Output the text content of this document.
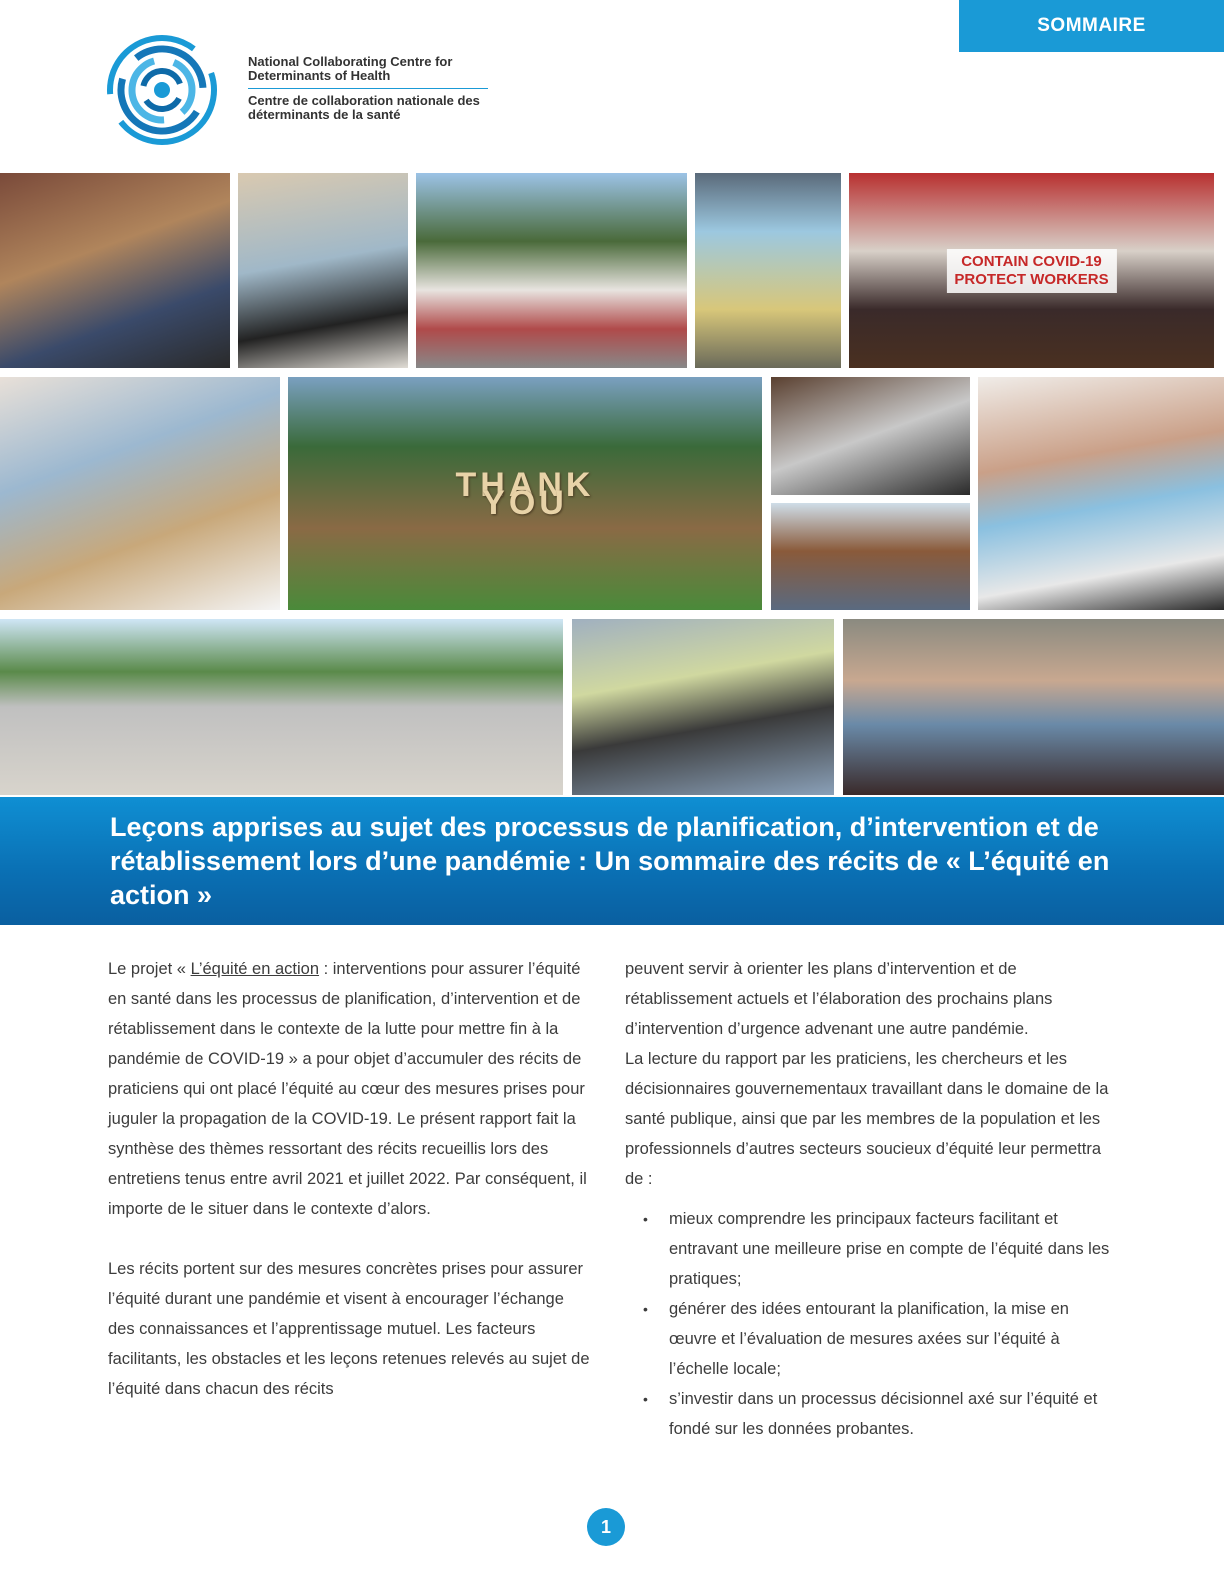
SOMMAIRE
National Collaborating Centre for Determinants of Health
Centre de collaboration nationale des déterminants de la santé
CONTAIN COVID-19
PROTECT WORKERS
THANK YOU
Leçons apprises au sujet des processus de planification, d’intervention et de rétablissement lors d’une pandémie : Un sommaire des récits de « L’équité en action »

Le projet « L’équité en action : interventions pour assurer l’équité en santé dans les processus de planification, d’intervention et de rétablissement dans le contexte de la lutte pour mettre fin à la pandémie de COVID-19 » a pour objet d’accumuler des récits de praticiens qui ont placé l’équité au cœur des mesures prises pour juguler la propagation de la COVID-19. Le présent rapport fait la synthèse des thèmes ressortant des récits recueillis lors des entretiens tenus entre avril 2021 et juillet 2022. Par conséquent, il importe de le situer dans le contexte d’alors.

Les récits portent sur des mesures concrètes prises pour assurer l’équité durant une pandémie et visent à encourager l’échange des connaissances et l’apprentissage mutuel. Les facteurs facilitants, les obstacles et les leçons retenues relevés au sujet de l’équité dans chacun des récits

peuvent servir à orienter les plans d’intervention et de rétablissement actuels et l’élaboration des prochains plans d’intervention d’urgence advenant une autre pandémie.

La lecture du rapport par les praticiens, les chercheurs et les décisionnaires gouvernementaux travaillant dans le domaine de la santé publique, ainsi que par les membres de la population et les professionnels d’autres secteurs soucieux d’équité leur permettra de :

• mieux comprendre les principaux facteurs facilitant et entravant une meilleure prise en compte de l’équité dans les pratiques;
• générer des idées entourant la planification, la mise en œuvre et l’évaluation de mesures axées sur l’équité à l’échelle locale;
• s’investir dans un processus décisionnel axé sur l’équité et fondé sur les données probantes.
1
